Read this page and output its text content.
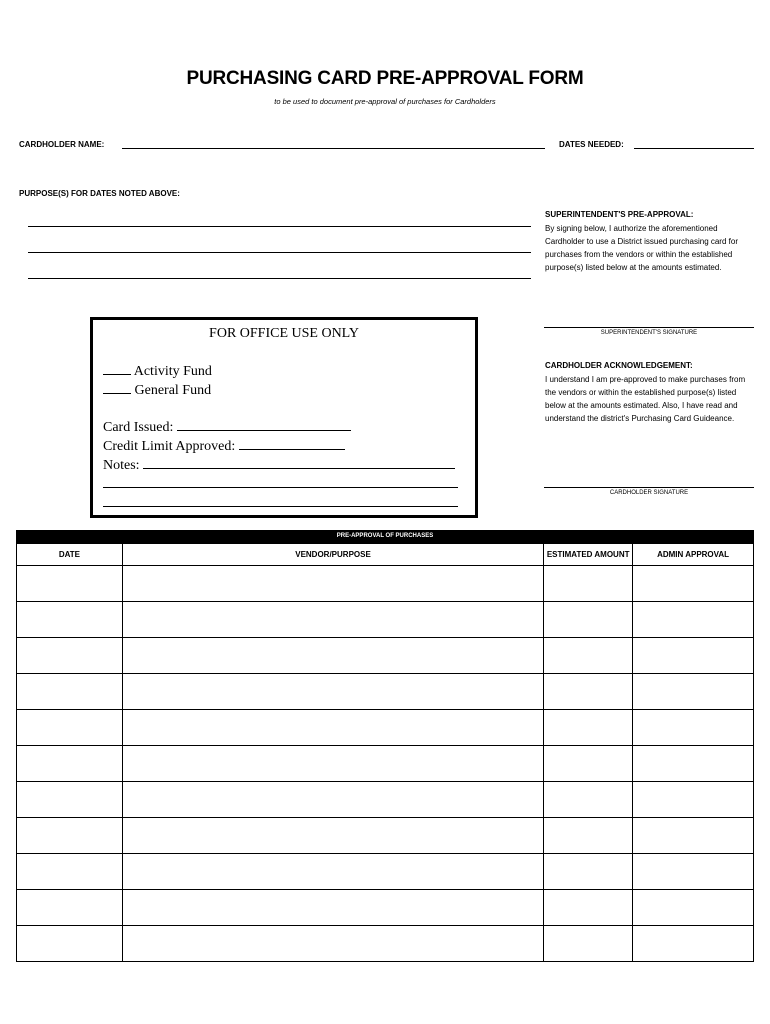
PURCHASING CARD PRE-APPROVAL FORM
to be used to document pre-approval of purchases for Cardholders
CARDHOLDER NAME:	DATES NEEDED:
PURPOSE(S) FOR DATES NOTED ABOVE:
SUPERINTENDENT'S PRE-APPROVAL:
By signing below, I authorize the aforementioned Cardholder to use a District issued purchasing card for purchases from the vendors or within the established purpose(s) listed below at the amounts estimated.
SUPERINTENDENT'S SIGNATURE
CARDHOLDER ACKNOWLEDGEMENT:
I understand I am pre-approved to make purchases from the vendors or within the established purpose(s) listed below at the amounts estimated. Also, I have read and understand the district's Purchasing Card Guideance.
CARDHOLDER SIGNATURE
FOR OFFICE USE ONLY
Activity Fund
General Fund
Card Issued:
Credit Limit Approved:
Notes:
PRE-APPROVAL OF PURCHASES
DATE	VENDOR/PURPOSE	ESTIMATED AMOUNT	ADMIN APPROVAL
